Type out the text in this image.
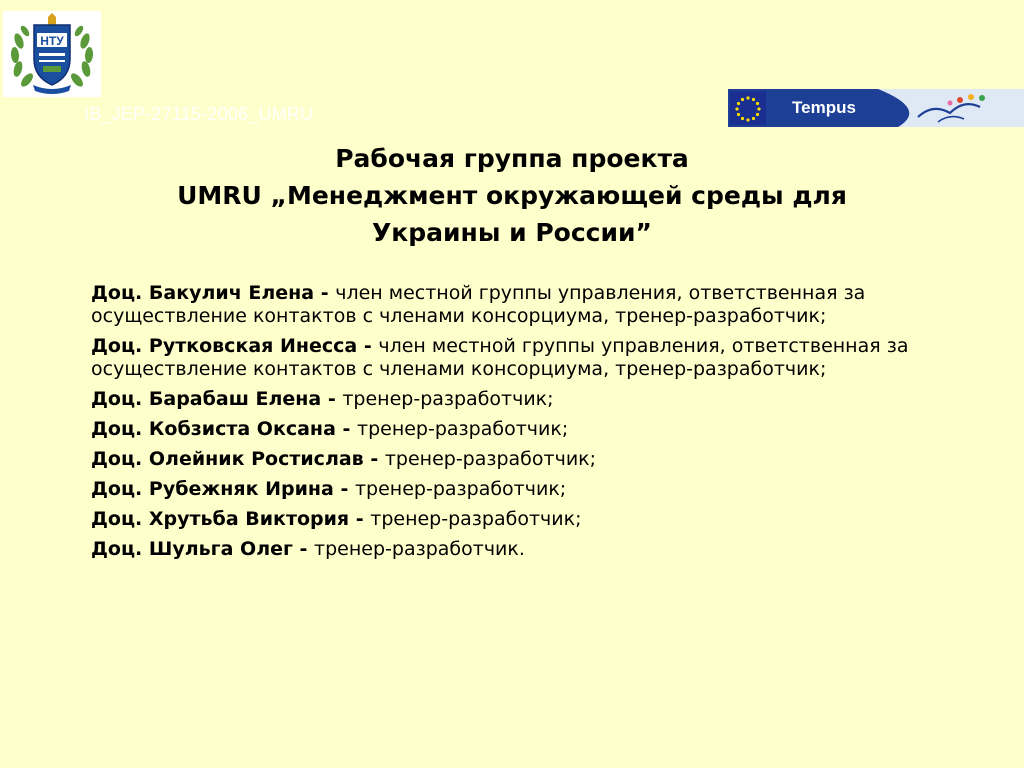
НТУ
IB_JEP-27115-2006_UMRU	Tempus
Рабочая группа проекта
UMRU „Менеджмент окружающей среды для
Украины и России”
Доц. Бакулич Елена - член местной группы управления, ответственная за   осуществление контактов с членами консорциума, тренер-разработчик;
Доц. Рутковская Инесса - член местной группы управления, ответственная за осуществление контактов с членами консорциума, тренер-разработчик;
Доц. Барабаш Елена - тренер-разработчик;
Доц. Кобзиста Оксана - тренер-разработчик;
Доц. Олейник Ростислав - тренер-разработчик;
Доц. Рубежняк Ирина - тренер-разработчик;
Доц. Хрутьба Виктория - тренер-разработчик;
Доц. Шульга Олег - тренер-разработчик.
